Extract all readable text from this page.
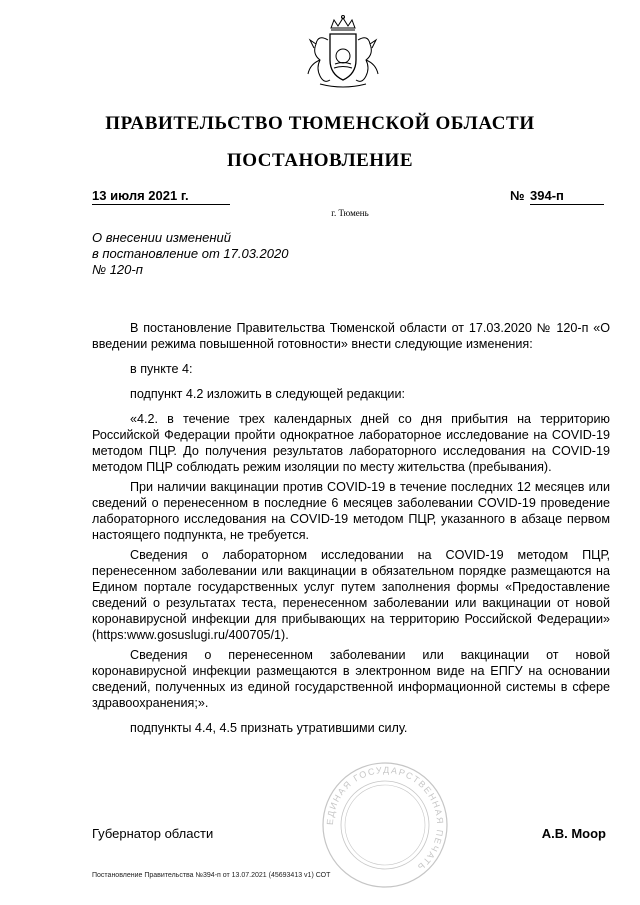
ПРАВИТЕЛЬСТВО ТЮМЕНСКОЙ ОБЛАСТИ
ПОСТАНОВЛЕНИЕ
13 июля 2021 г.	№ 394-п
г. Тюмень
О внесении изменений
в постановление от 17.03.2020
№ 120-п

В постановление Правительства Тюменской области от 17.03.2020 № 120-п «О введении режима повышенной готовности» внести следующие изменения:

в пункте 4:

подпункт 4.2 изложить в следующей редакции:

«4.2. в течение трех календарных дней со дня прибытия на территорию Российской Федерации пройти однократное лабораторное исследование на COVID-19 методом ПЦР. До получения результатов лабораторного исследования на COVID-19 методом ПЦР соблюдать режим изоляции по месту жительства (пребывания).

При наличии вакцинации против COVID-19 в течение последних 12 месяцев или сведений о перенесенном в последние 6 месяцев заболевании COVID-19 проведение лабораторного исследования на COVID-19 методом ПЦР, указанного в абзаце первом настоящего подпункта, не требуется.

Сведения о лабораторном исследовании на COVID-19 методом ПЦР, перенесенном заболевании или вакцинации в обязательном порядке размещаются на Едином портале государственных услуг путем заполнения формы «Предоставление сведений о результатах теста, перенесенном заболевании или вакцинации от новой коронавирусной инфекции для прибывающих на территорию Российской Федерации» (https:www.gosuslugi.ru/400705/1).

Сведения о перенесенном заболевании или вакцинации от новой коронавирусной инфекции размещаются в электронном виде на ЕПГУ на основании сведений, полученных из единой государственной информационной системы в сфере здравоохранения;».

подпункты 4.4, 4.5 признать утратившими силу.

ЕДИНАЯ ГОСУДАРСТВЕННАЯ ПЕЧАТЬ
Губернатор области	А.В. Моор
Постановление Правительства №394-п от 13.07.2021 (45693413 v1) СОТ
